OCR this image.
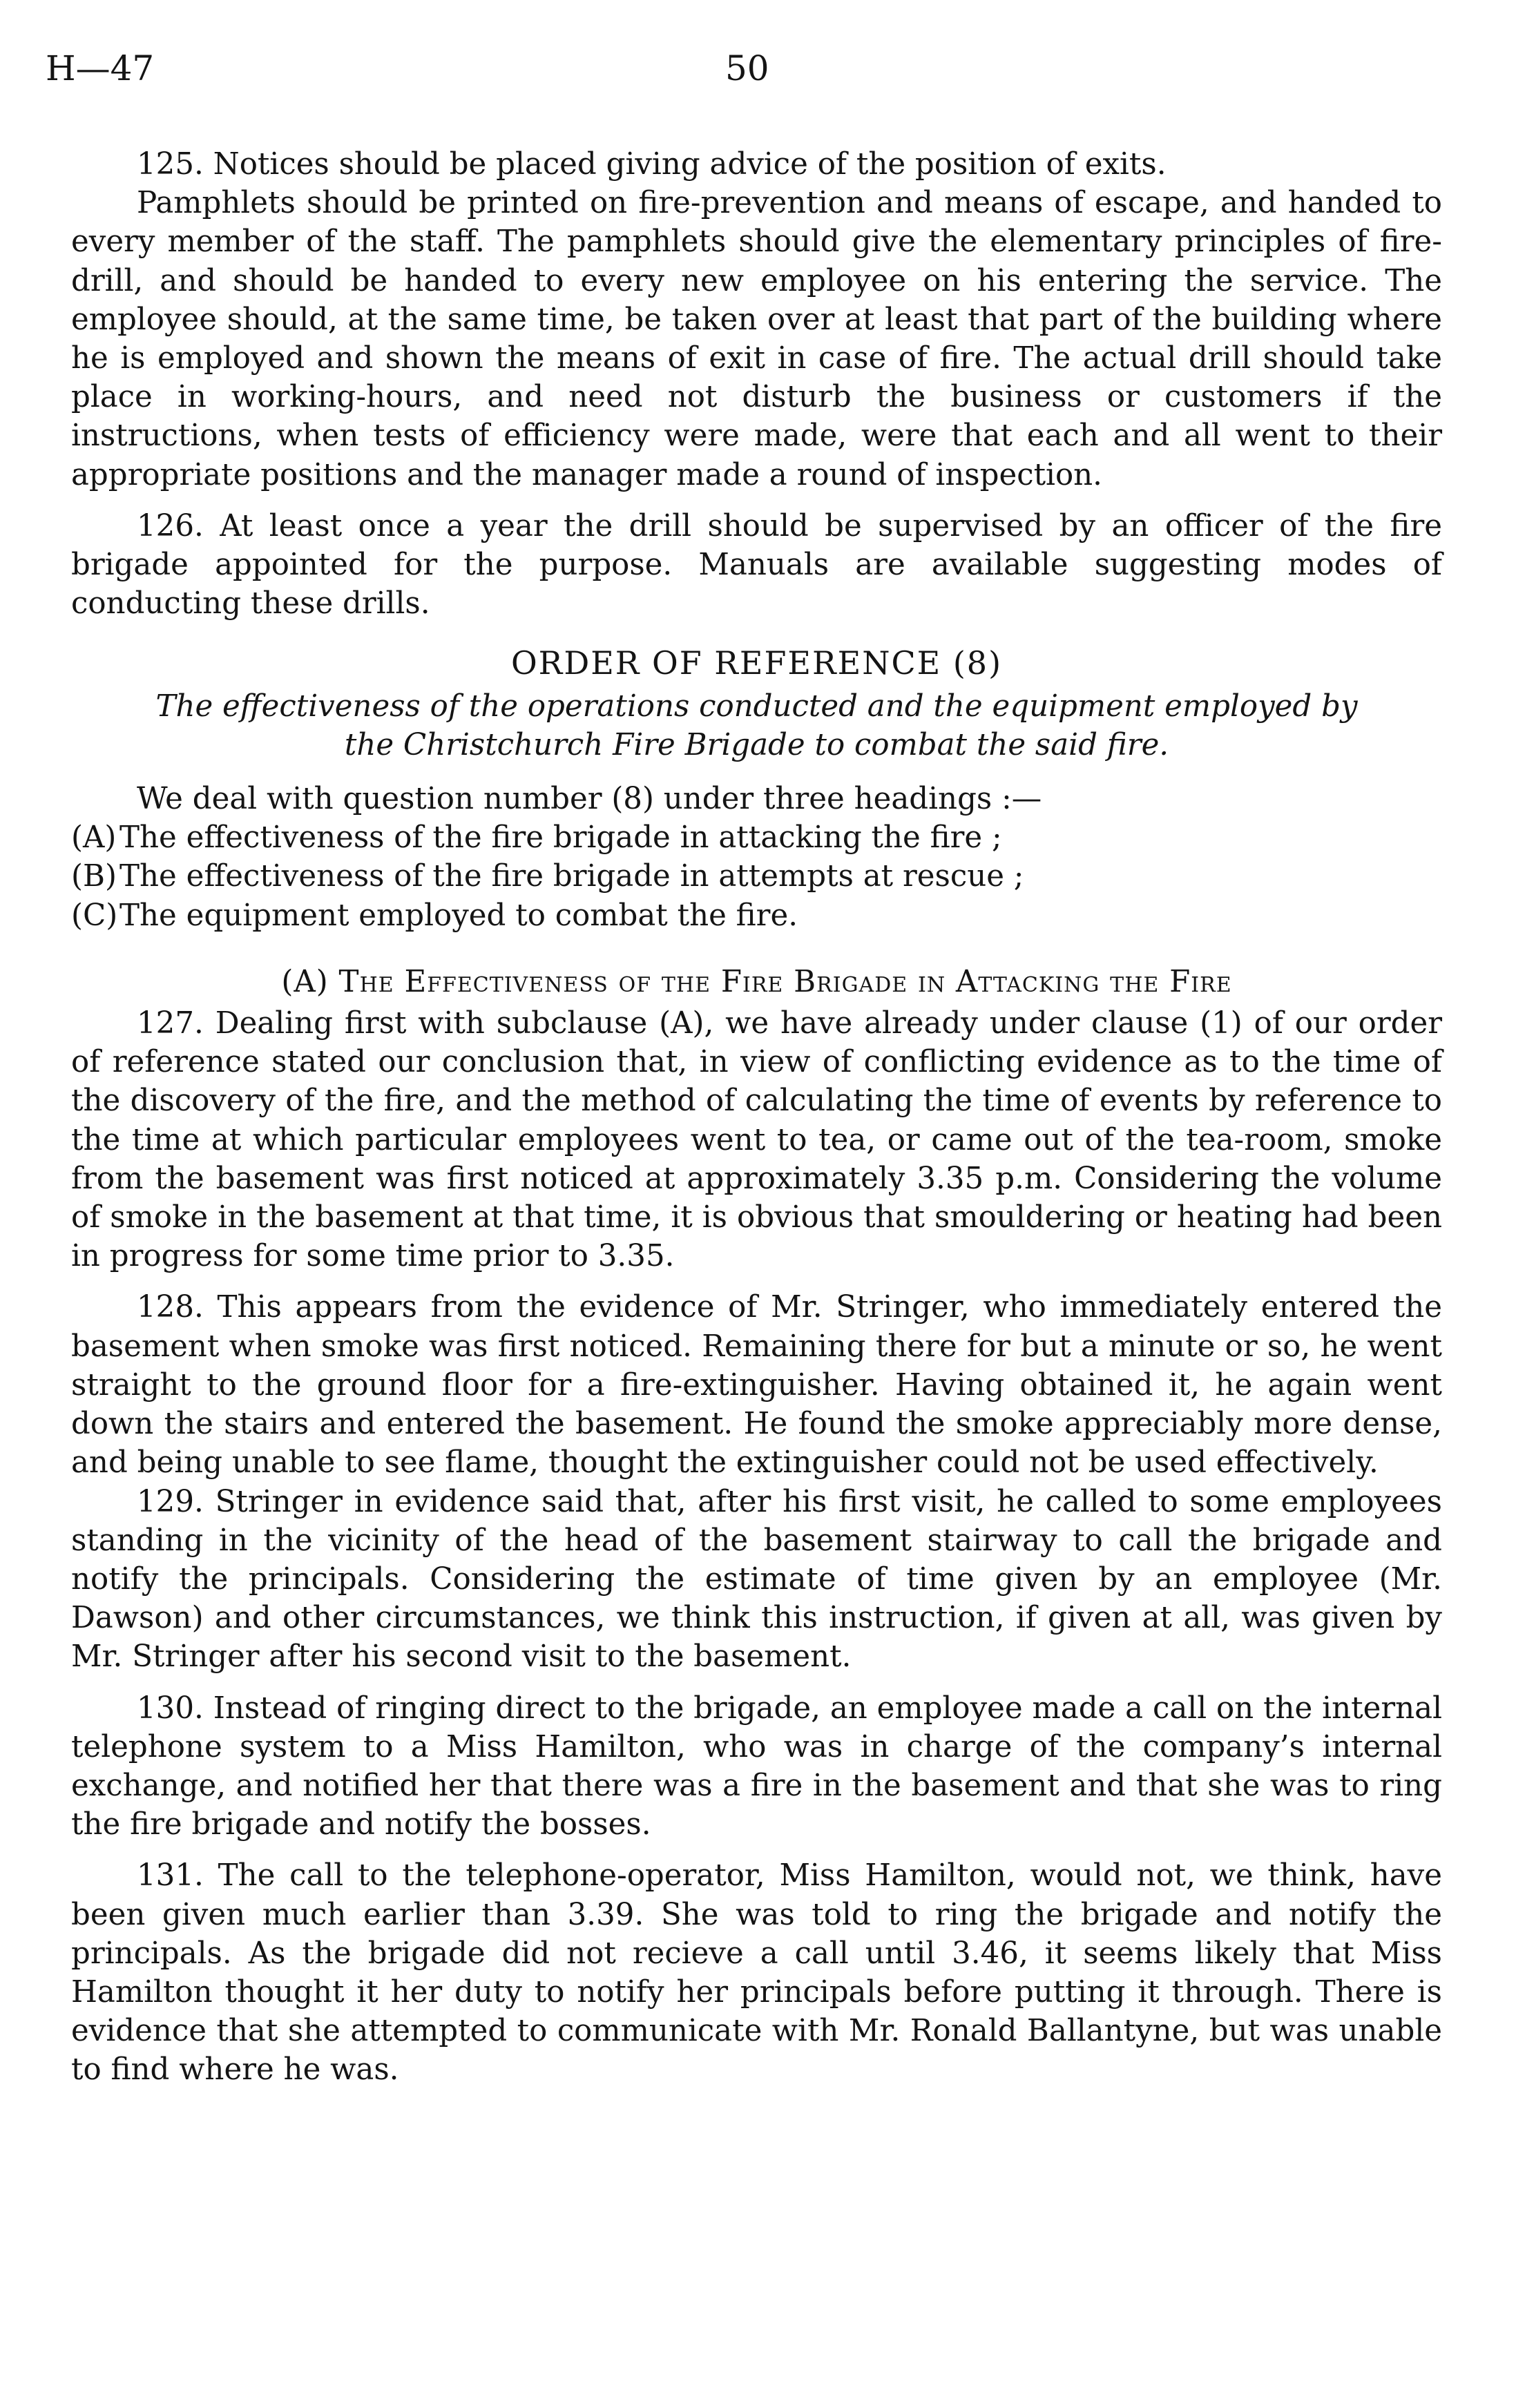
H—47	50

125. Notices should be placed giving advice of the position of exits.

Pamphlets should be printed on fire-prevention and means of escape, and handed to every member of the staff. The pamphlets should give the elementary principles of fire-drill, and should be handed to every new employee on his entering the service. The employee should, at the same time, be taken over at least that part of the building where he is employed and shown the means of exit in case of fire. The actual drill should take place in working-hours, and need not disturb the business or customers if the instructions, when tests of efficiency were made, were that each and all went to their appropriate positions and the manager made a round of inspection.

126. At least once a year the drill should be supervised by an officer of the fire brigade appointed for the purpose. Manuals are available suggesting modes of conducting these drills.

ORDER OF REFERENCE (8)

The effectiveness of the operations conducted and the equipment employed by the Christchurch Fire Brigade to combat the said fire.

We deal with question number (8) under three headings :—

(A) The effectiveness of the fire brigade in attacking the fire ;
(B)The effectiveness of the fire brigade in attempts at rescue ;
(C)The equipment employed to combat the fire.

(A) The Effectiveness of the Fire Brigade in Attacking the Fire

127. Dealing first with subclause (A), we have already under clause (1) of our order of reference stated our conclusion that, in view of conflicting evidence as to the time of the discovery of the fire, and the method of calculating the time of events by reference to the time at which particular employees went to tea, or came out of the tea-room, smoke from the basement was first noticed at approximately 3.35 p.m. Considering the volume of smoke in the basement at that time, it is obvious that smouldering or heating had been in progress for some time prior to 3.35.

128. This appears from the evidence of Mr. Stringer, who immediately entered the basement when smoke was first noticed. Remaining there for but a minute or so, he went straight to the ground floor for a fire-extinguisher. Having obtained it, he again went down the stairs and entered the basement. He found the smoke appreciably more dense, and being unable to see flame, thought the extinguisher could not be used effectively.

129. Stringer in evidence said that, after his first visit, he called to some employees standing in the vicinity of the head of the basement stairway to call the brigade and notify the principals. Considering the estimate of time given by an employee (Mr. Dawson) and other circumstances, we think this instruction, if given at all, was given by Mr. Stringer after his second visit to the basement.

130. Instead of ringing direct to the brigade, an employee made a call on the internal telephone system to a Miss Hamilton, who was in charge of the company’s internal exchange, and notified her that there was a fire in the basement and that she was to ring the fire brigade and notify the bosses.

131. The call to the telephone-operator, Miss Hamilton, would not, we think, have been given much earlier than 3.39. She was told to ring the brigade and notify the principals. As the brigade did not recieve a call until 3.46, it seems likely that Miss Hamilton thought it her duty to notify her principals before putting it through. There is evidence that she attempted to communicate with Mr. Ronald Ballantyne, but was unable to find where he was.
